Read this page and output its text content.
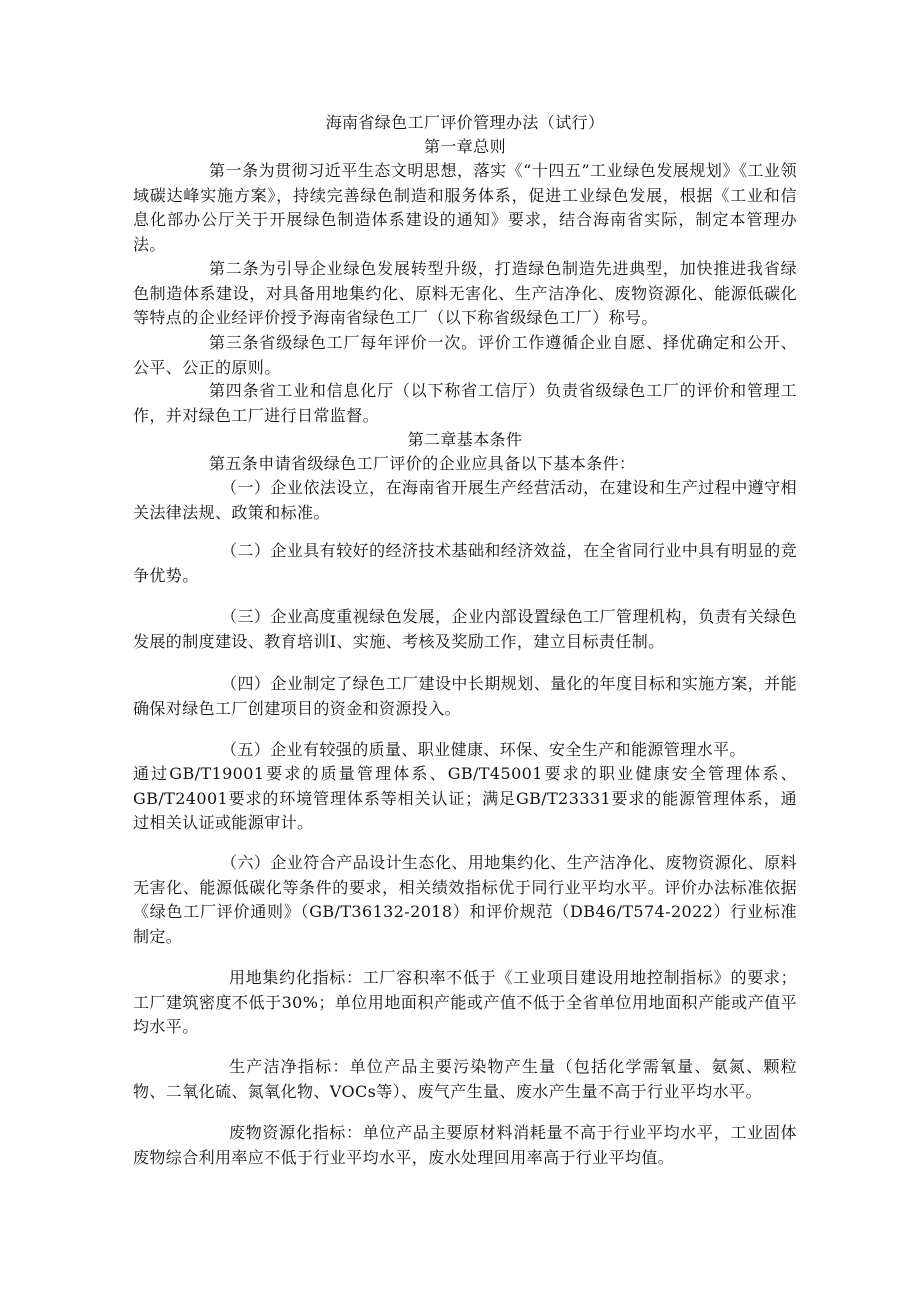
海南省绿色工厂评价管理办法（试行）

第一章总则

第一条为贯彻习近平生态文明思想，落实《“十四五”工业绿色发展规划》《工业领域碳达峰实施方案》，持续完善绿色制造和服务体系，促进工业绿色发展，根据《工业和信息化部办公厅关于开展绿色制造体系建设的通知》要求，结合海南省实际，制定本管理办法。

第二条为引导企业绿色发展转型升级，打造绿色制造先进典型，加快推进我省绿色制造体系建设，对具备用地集约化、原料无害化、生产洁净化、废物资源化、能源低碳化等特点的企业经评价授予海南省绿色工厂（以下称省级绿色工厂）称号。

第三条省级绿色工厂每年评价一次。评价工作遵循企业自愿、择优确定和公开、公平、公正的原则。

第四条省工业和信息化厅（以下称省工信厅）负责省级绿色工厂的评价和管理工作，并对绿色工厂进行日常监督。

第二章基本条件

第五条申请省级绿色工厂评价的企业应具备以下基本条件：

（一）企业依法设立，在海南省开展生产经营活动，在建设和生产过程中遵守相关法律法规、政策和标准。

（二）企业具有较好的经济技术基础和经济效益，在全省同行业中具有明显的竞争优势。

（三）企业高度重视绿色发展，企业内部设置绿色工厂管理机构，负责有关绿色发展的制度建设、教育培训I、实施、考核及奖励工作，建立目标责任制。

（四）企业制定了绿色工厂建设中长期规划、量化的年度目标和实施方案，并能确保对绿色工厂创建项目的资金和资源投入。

（五）企业有较强的质量、职业健康、环保、安全生产和能源管理水平。

通过GB/T19001要求的质量管理体系、GB/T45001要求的职业健康安全管理体系、GB/T24001要求的环境管理体系等相关认证；满足GB/T23331要求的能源管理体系，通过相关认证或能源审计。

（六）企业符合产品设计生态化、用地集约化、生产洁净化、废物资源化、原料无害化、能源低碳化等条件的要求，相关绩效指标优于同行业平均水平。评价办法标准依据《绿色工厂评价通则》（GB/T36132-2018）和评价规范（DB46/T574-2022）行业标准制定。

用地集约化指标：工厂容积率不低于《工业项目建设用地控制指标》的要求；工厂建筑密度不低于30%；单位用地面积产能或产值不低于全省单位用地面积产能或产值平均水平。

生产洁净指标：单位产品主要污染物产生量（包括化学需氧量、氨氮、颗粒物、二氧化硫、氮氧化物、VOCs等）、废气产生量、废水产生量不高于行业平均水平。

废物资源化指标：单位产品主要原材料消耗量不高于行业平均水平，工业固体废物综合利用率应不低于行业平均水平，废水处理回用率高于行业平均值。
